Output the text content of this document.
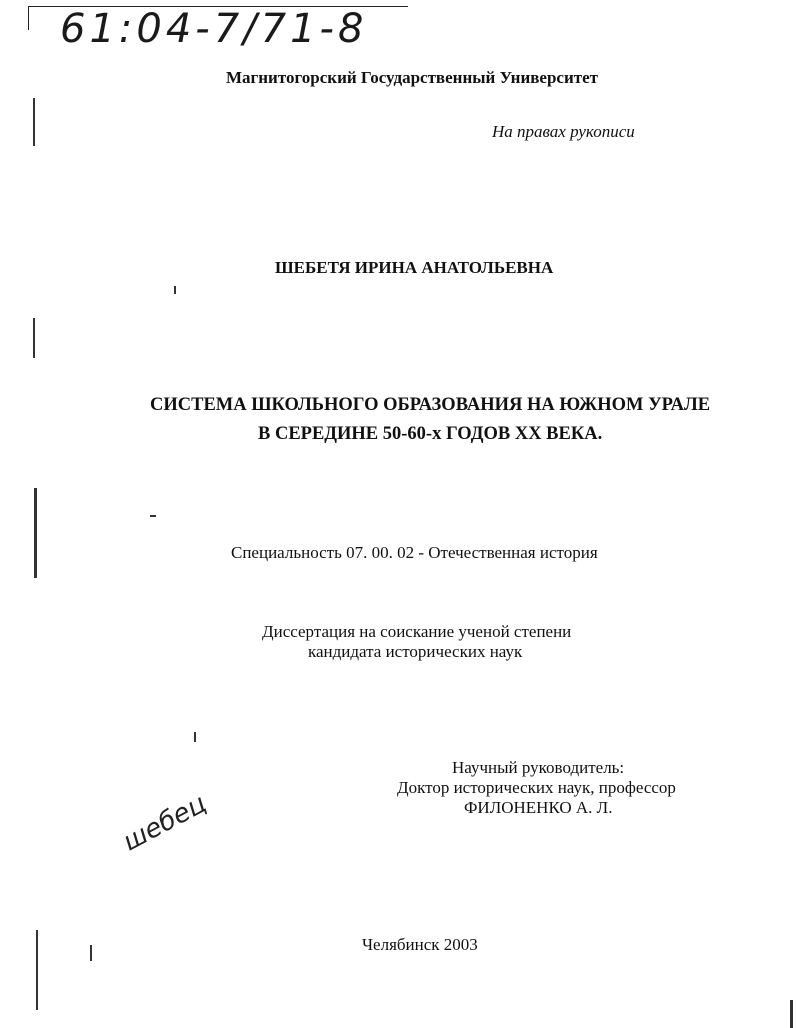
61:04-7/71-8
Магнитогорский Государственный Университет
На правах рукописи
ШЕБЕТЯ ИРИНА АНАТОЛЬЕВНА
СИСТЕМА ШКОЛЬНОГО ОБРАЗОВАНИЯ НА ЮЖНОМ УРАЛЕ
В СЕРЕДИНЕ 50-60-х ГОДОВ XX ВЕКА.
Специальность 07. 00. 02 - Отечественная история
Диссертация на соискание ученой степени
кандидата исторических наук
Научный руководитель:
Доктор исторических наук, профессор
ФИЛОНЕНКО А. Л.
Челябинск 2003
шебец
